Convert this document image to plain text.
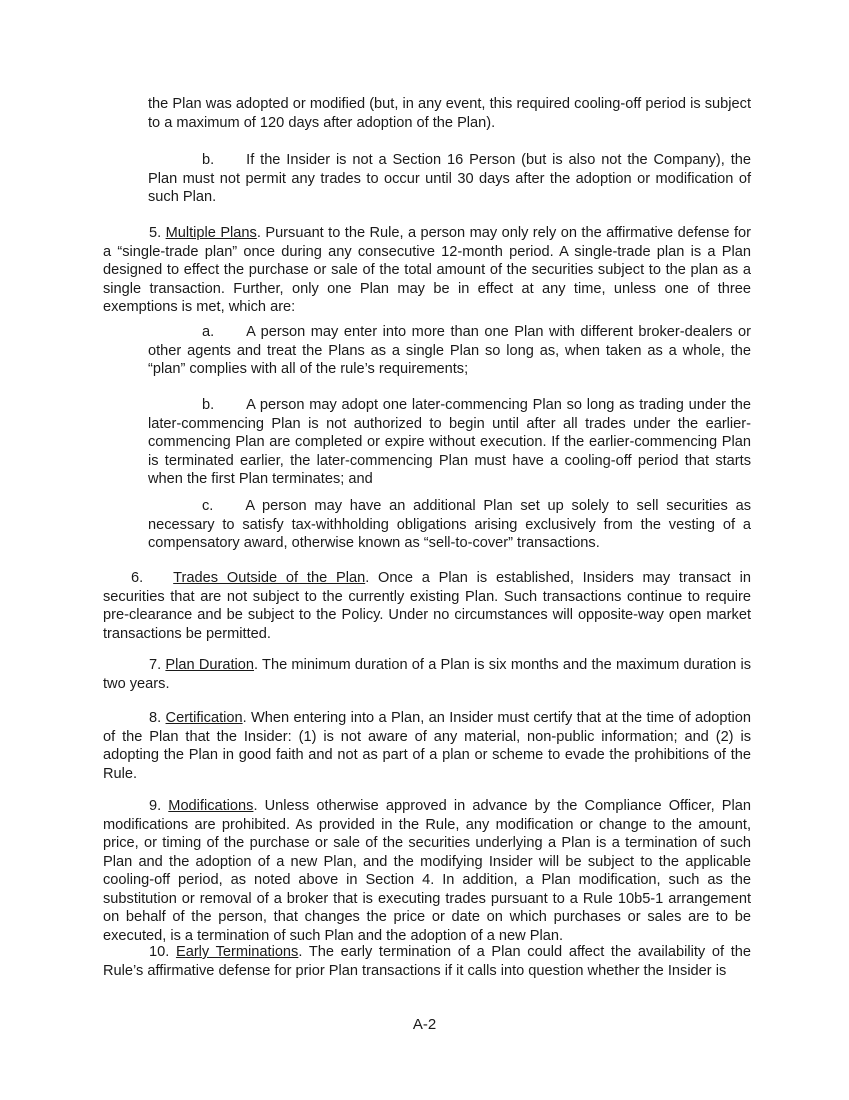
the Plan was adopted or modified (but, in any event, this required cooling-off period is subject to a maximum of 120 days after adoption of the Plan).

b. If the Insider is not a Section 16 Person (but is also not the Company), the Plan must not permit any trades to occur until 30 days after the adoption or modification of such Plan.

5. Multiple Plans. Pursuant to the Rule, a person may only rely on the affirmative defense for a “single-trade plan” once during any consecutive 12-month period. A single-trade plan is a Plan designed to effect the purchase or sale of the total amount of the securities subject to the plan as a single transaction. Further, only one Plan may be in effect at any time, unless one of three exemptions is met, which are:

a. A person may enter into more than one Plan with different broker-dealers or other agents and treat the Plans as a single Plan so long as, when taken as a whole, the “plan” complies with all of the rule’s requirements;

b. A person may adopt one later-commencing Plan so long as trading under the later-commencing Plan is not authorized to begin until after all trades under the earlier-commencing Plan are completed or expire without execution. If the earlier-commencing Plan is terminated earlier, the later-commencing Plan must have a cooling-off period that starts when the first Plan terminates; and

c. A person may have an additional Plan set up solely to sell securities as necessary to satisfy tax-withholding obligations arising exclusively from the vesting of a compensatory award, otherwise known as “sell-to-cover” transactions.

6. Trades Outside of the Plan. Once a Plan is established, Insiders may transact in securities that are not subject to the currently existing Plan. Such transactions continue to require pre-clearance and be subject to the Policy. Under no circumstances will opposite-way open market transactions be permitted.

7. Plan Duration. The minimum duration of a Plan is six months and the maximum duration is two years.

8. Certification. When entering into a Plan, an Insider must certify that at the time of adoption of the Plan that the Insider: (1) is not aware of any material, non-public information; and (2) is adopting the Plan in good faith and not as part of a plan or scheme to evade the prohibitions of the Rule.

9. Modifications. Unless otherwise approved in advance by the Compliance Officer, Plan modifications are prohibited. As provided in the Rule, any modification or change to the amount, price, or timing of the purchase or sale of the securities underlying a Plan is a termination of such Plan and the adoption of a new Plan, and the modifying Insider will be subject to the applicable cooling-off period, as noted above in Section 4. In addition, a Plan modification, such as the substitution or removal of a broker that is executing trades pursuant to a Rule 10b5-1 arrangement on behalf of the person, that changes the price or date on which purchases or sales are to be executed, is a termination of such Plan and the adoption of a new Plan.

10. Early Terminations. The early termination of a Plan could affect the availability of the Rule’s affirmative defense for prior Plan transactions if it calls into question whether the Insider is

A-2
